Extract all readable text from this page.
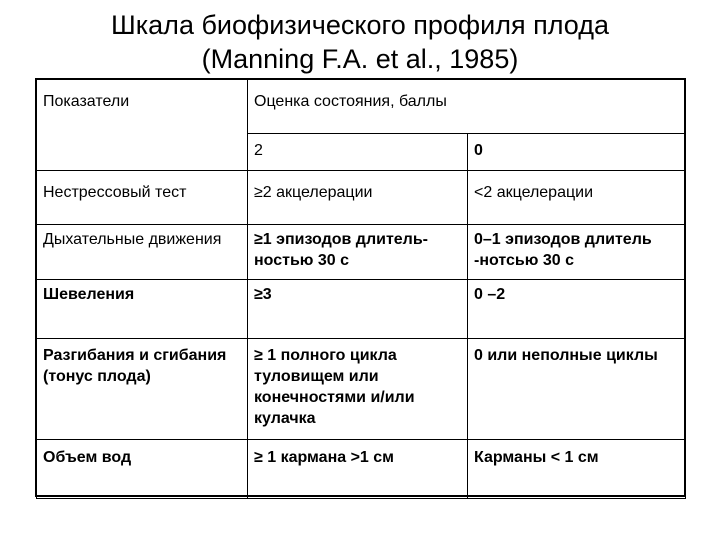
Шкала биофизического профиля плода
(Manning F.A. et al., 1985)
Показатели	Оценка состояния, баллы	
	2	0
Нестрессовый тест	≥2 акцелерации	<2 акцелерации
Дыхательные движения	≥1 эпизодов длитель-ностью 30 с	0–1 эпизодов длитель -нотсью 30 с
Шевеления	≥3	0 –2
Разгибания и сгибания (тонус плода)	≥ 1 полного цикла туловищем или конечностями и/или кулачка	0 или неполные циклы
Объем вод	≥ 1 кармана >1 см	Карманы < 1 см
